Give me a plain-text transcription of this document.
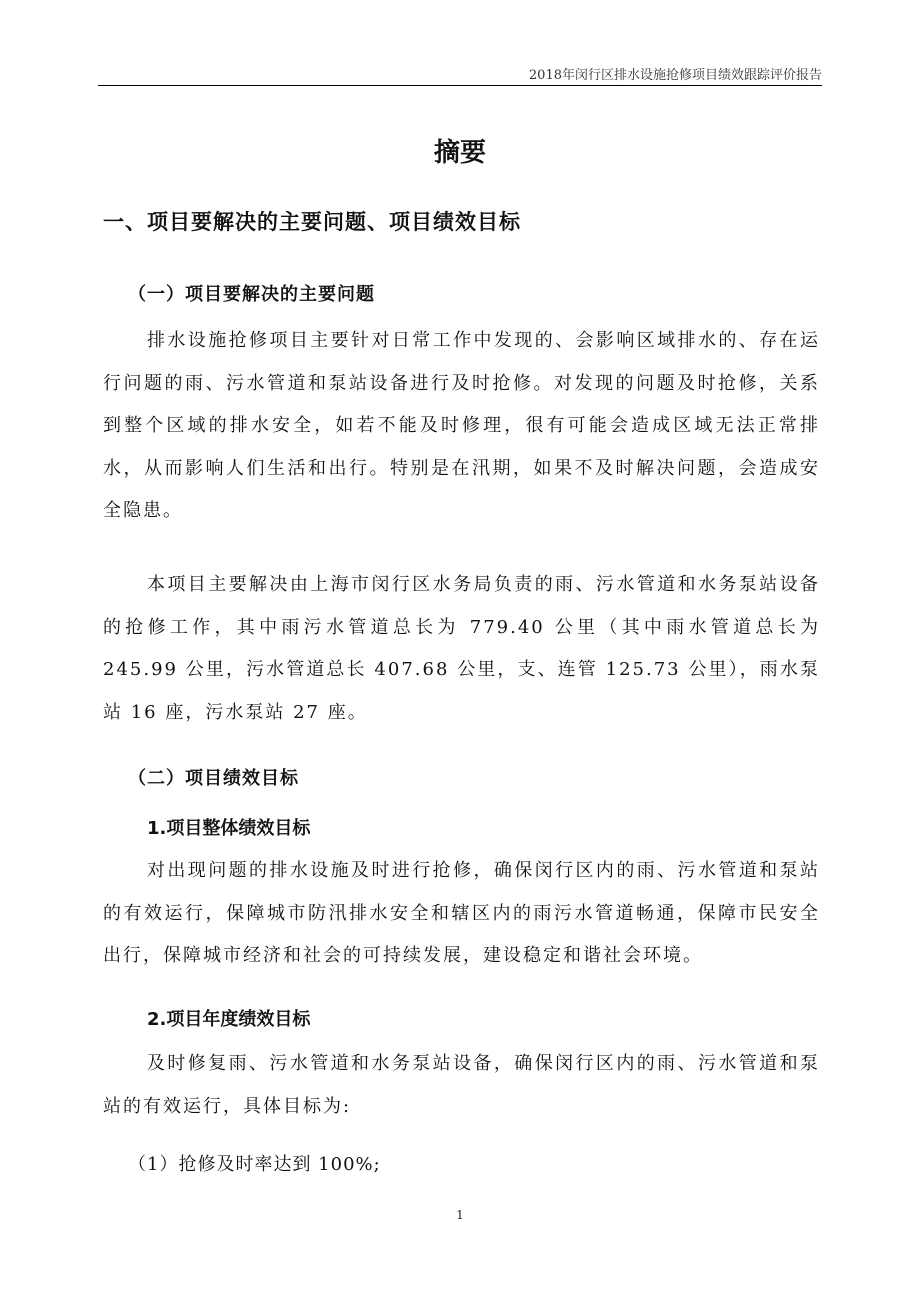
2018年闵行区排水设施抢修项目绩效跟踪评价报告
摘要
一、项目要解决的主要问题、项目绩效目标
（一）项目要解决的主要问题

排水设施抢修项目主要针对日常工作中发现的、会影响区域排水的、存在运行问题的雨、污水管道和泵站设备进行及时抢修。对发现的问题及时抢修，关系到整个区域的排水安全，如若不能及时修理，很有可能会造成区域无法正常排水，从而影响人们生活和出行。特别是在汛期，如果不及时解决问题，会造成安全隐患。

本项目主要解决由上海市闵行区水务局负责的雨、污水管道和水务泵站设备的抢修工作，其中雨污水管道总长为 779.40 公里（其中雨水管道总长为 245.99 公里，污水管道总长 407.68 公里，支、连管 125.73 公里），雨水泵站 16 座，污水泵站 27 座。

（二）项目绩效目标
1.项目整体绩效目标

对出现问题的排水设施及时进行抢修，确保闵行区内的雨、污水管道和泵站的有效运行，保障城市防汛排水安全和辖区内的雨污水管道畅通，保障市民安全出行，保障城市经济和社会的可持续发展，建设稳定和谐社会环境。

2.项目年度绩效目标

及时修复雨、污水管道和水务泵站设备，确保闵行区内的雨、污水管道和泵站的有效运行，具体目标为:

（1）抢修及时率达到 100%;
1
